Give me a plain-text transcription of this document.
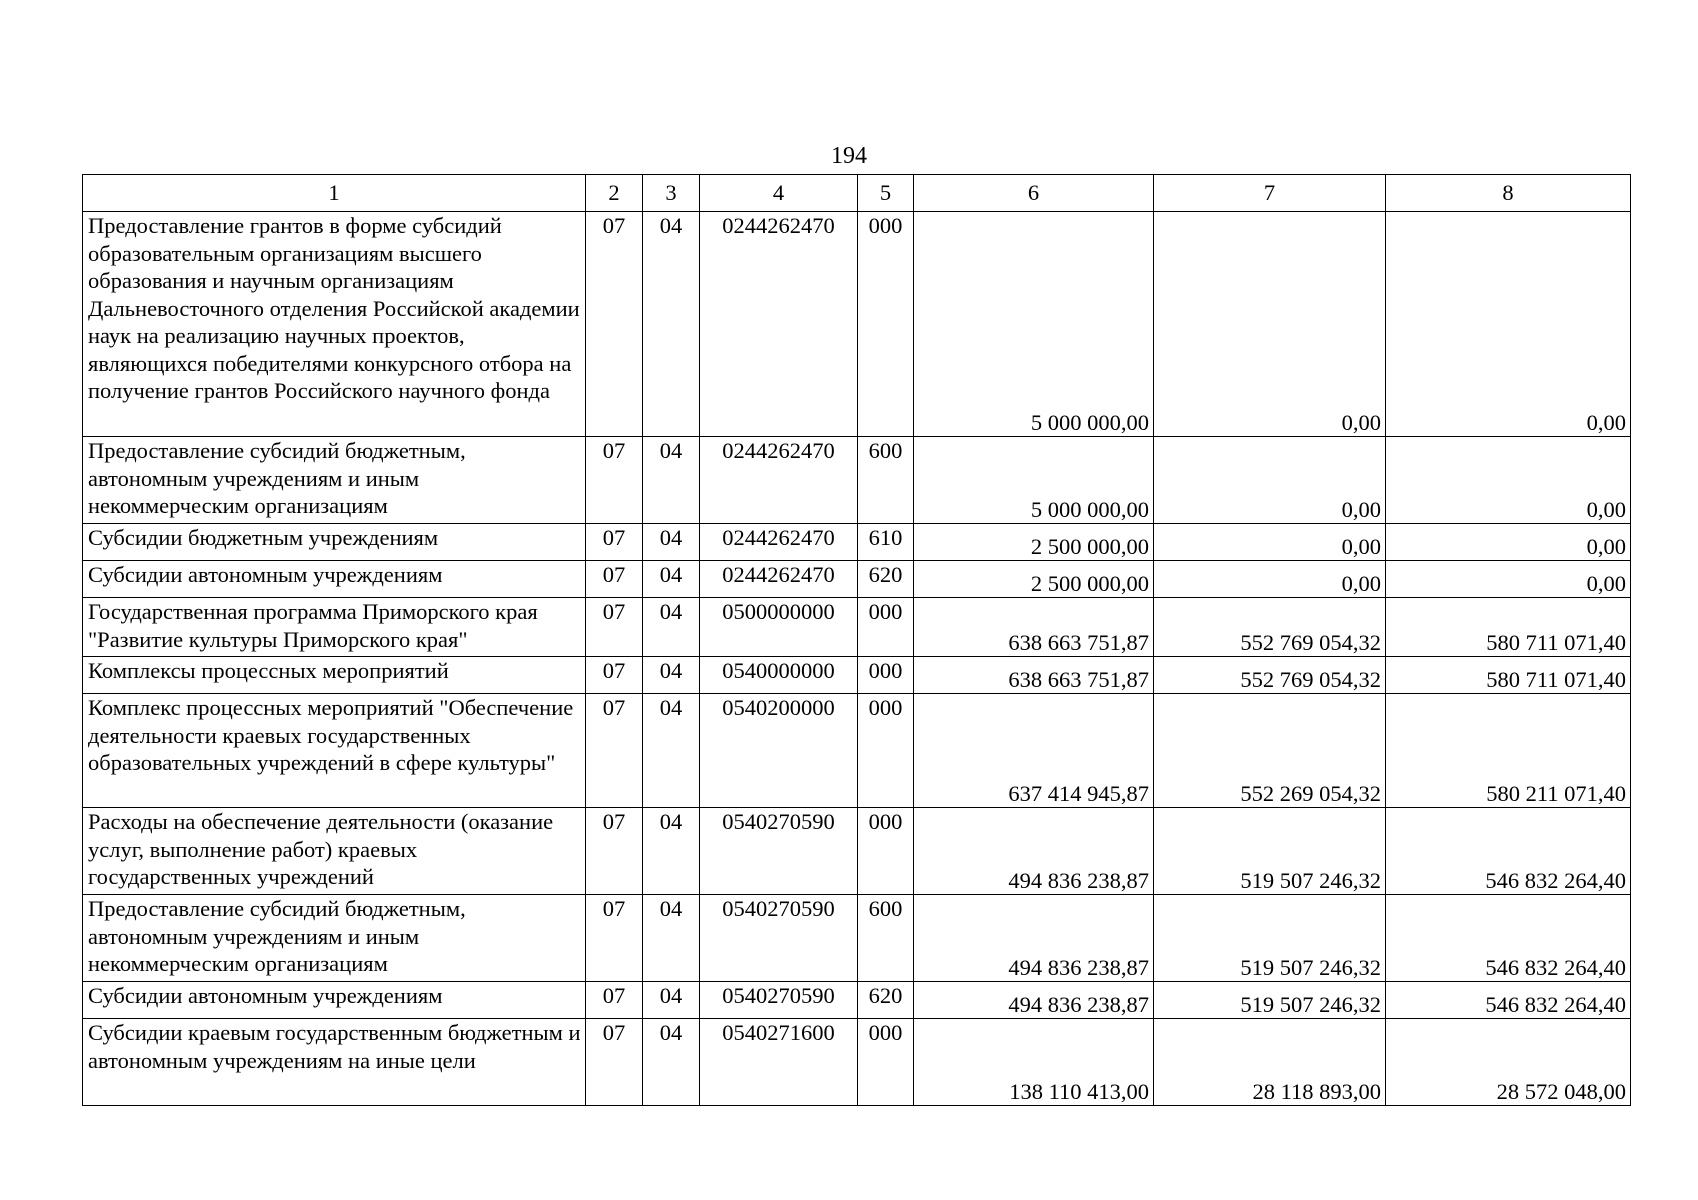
194
1	2	3	4	5	6	7	8
Предоставление грантов в форме субсидий образовательным организациям высшего образования и научным организациям Дальневосточного отделения Российской академии наук на реализацию научных проектов, являющихся победителями конкурсного отбора на получение грантов Российского научного фонда	07	04	0244262470	000	5 000 000,00	0,00	0,00
Предоставление субсидий бюджетным, автономным учреждениям и иным некоммерческим организациям	07	04	0244262470	600	5 000 000,00	0,00	0,00
Субсидии бюджетным учреждениям	07	04	0244262470	610	2 500 000,00	0,00	0,00
Субсидии автономным учреждениям	07	04	0244262470	620	2 500 000,00	0,00	0,00
Государственная программа Приморского края "Развитие культуры Приморского края"	07	04	0500000000	000	638 663 751,87	552 769 054,32	580 711 071,40
Комплексы процессных мероприятий	07	04	0540000000	000	638 663 751,87	552 769 054,32	580 711 071,40
Комплекс процессных мероприятий "Обеспечение деятельности краевых государственных образовательных учреждений в сфере культуры"	07	04	0540200000	000	637 414 945,87	552 269 054,32	580 211 071,40
Расходы на обеспечение деятельности (оказание услуг, выполнение работ) краевых государственных учреждений	07	04	0540270590	000	494 836 238,87	519 507 246,32	546 832 264,40
Предоставление субсидий бюджетным, автономным учреждениям и иным некоммерческим организациям	07	04	0540270590	600	494 836 238,87	519 507 246,32	546 832 264,40
Субсидии автономным учреждениям	07	04	0540270590	620	494 836 238,87	519 507 246,32	546 832 264,40
Субсидии краевым государственным бюджетным и автономным учреждениям на иные цели	07	04	0540271600	000	138 110 413,00	28 118 893,00	28 572 048,00
